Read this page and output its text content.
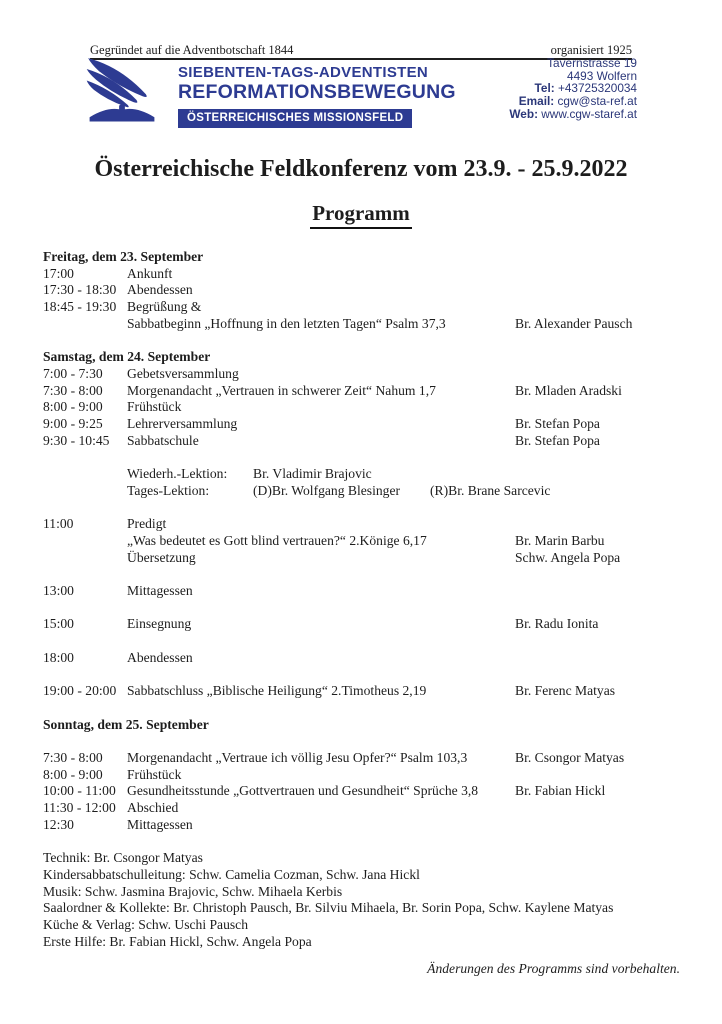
Gegründet auf die Adventbotschaft 1844	organisiert 1925
SIEBENTEN-TAGS-ADVENTISTEN
REFORMATIONSBEWEGUNG
ÖSTERREICHISCHES MISSIONSFELD
Tavernstrasse 19
4493 Wolfern
Tel: +43725320034
Email: cgw@sta-ref.at
Web: www.cgw-staref.at
Österreichische Feldkonferenz vom 23.9. - 25.9.2022
Programm
Freitag, dem 23. September
17:00	Ankunft
17:30 - 18:30 Abendessen
18:45 - 19:30 Begrüßung &
Sabbatbeginn „Hoffnung in den letzten Tagen“ Psalm 37,3	Br. Alexander Pausch
Samstag, dem 24. September
7:00 - 7:30	Gebetsversammlung
7:30 - 8:00	Morgenandacht „Vertrauen in schwerer Zeit“ Nahum 1,7	Br. Mladen Aradski
8:00 - 9:00	Frühstück
9:00 - 9:25	Lehrerversammlung	Br. Stefan Popa
9:30 - 10:45	Sabbatschule	Br. Stefan Popa
Wiederh.-Lektion:	Br. Vladimir Brajovic
Tages-Lektion:	(D)Br. Wolfgang Blesinger	(R)Br. Brane Sarcevic
11:00	Predigt
„Was bedeutet es Gott blind vertrauen?“ 2.Könige 6,17	Br. Marin Barbu
Übersetzung	Schw. Angela Popa
13:00	Mittagessen
15:00	Einsegnung	Br. Radu Ionita
18:00	Abendessen
19:00 - 20:00 Sabbatschluss „Biblische Heiligung“ 2.Timotheus 2,19	Br. Ferenc Matyas
Sonntag, dem 25. September
7:30 - 8:00	Morgenandacht „Vertraue ich völlig Jesu Opfer?“ Psalm 103,3	Br. Csongor Matyas
8:00 - 9:00	Frühstück
10:00 - 11:00 Gesundheitsstunde „Gottvertrauen und Gesundheit“ Sprüche 3,8	Br. Fabian Hickl
11:30 - 12:00 Abschied
12:30	Mittagessen
Technik: Br. Csongor Matyas
Kindersabbatschulleitung: Schw. Camelia Cozman, Schw. Jana Hickl
Musik: Schw. Jasmina Brajovic, Schw. Mihaela Kerbis
Saalordner & Kollekte: Br. Christoph Pausch, Br. Silviu Mihaela, Br. Sorin Popa, Schw. Kaylene Matyas
Küche & Verlag: Schw. Uschi Pausch
Erste Hilfe: Br. Fabian Hickl, Schw. Angela Popa
Änderungen des Programms sind vorbehalten.
